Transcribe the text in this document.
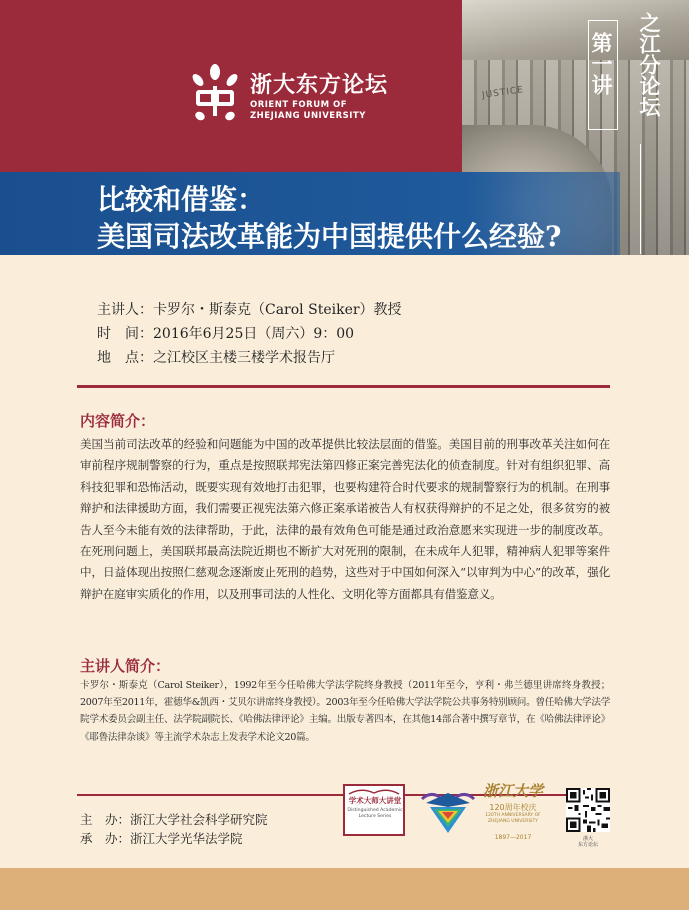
JUSTICE
浙大东方论坛
ORIENT FORUM OF
ZHEJIANG UNIVERSITY
第一讲 之江分论坛
比较和借鉴：
美国司法改革能为中国提供什么经验?
主讲人：卡罗尔・斯泰克（Carol Steiker）教授
时　间：2016年6月25日（周六）9：00
地　点：之江校区主楼三楼学术报告厅
内容简介：
美国当前司法改革的经验和问题能为中国的改革提供比较法层面的借鉴。美国目前的刑事改革关注如何在审前程序规制警察的行为，重点是按照联邦宪法第四修正案完善宪法化的侦查制度。针对有组织犯罪、高科技犯罪和恐怖活动，既要实现有效地打击犯罪，也要构建符合时代要求的规制警察行为的机制。在刑事辩护和法律援助方面，我们需要正视宪法第六修正案承诺被告人有权获得辩护的不足之处，很多贫穷的被告人至今未能有效的法律帮助，于此，法律的最有效角色可能是通过政治意愿来实现进一步的制度改革。在死刑问题上，美国联邦最高法院近期也不断扩大对死刑的限制，在未成年人犯罪，精神病人犯罪等案件中，日益体现出按照仁慈观念逐渐废止死刑的趋势，这些对于中国如何深入“以审判为中心”的改革，强化辩护在庭审实质化的作用，以及刑事司法的人性化、文明化等方面都具有借鉴意义。
主讲人简介：
卡罗尔・斯泰克（Carol Steiker），1992年至今任哈佛大学法学院终身教授（2011年至今，亨利・弗兰德里讲席终身教授；2007年至2011年，霍德华&凯西・艾贝尔讲席终身教授）。2003年至今任哈佛大学法学院公共事务特别顾问。曾任哈佛大学法学院学术委员会副主任、法学院副院长、《哈佛法律评论》主编。出版专著四本，在其他14部合著中撰写章节，在《哈佛法律评论》《耶鲁法律杂谈》等主流学术杂志上发表学术论文20篇。
主　办：浙江大学社会科学研究院
承　办：浙江大学光华法学院
学术大师大讲堂
Distinguished Academic Lecture Series
浙江大学
120周年校庆
120TH ANNIVERSARY OF ZHEJIANG UNIVERSITY
1897—2017	浙大
东方论坛
